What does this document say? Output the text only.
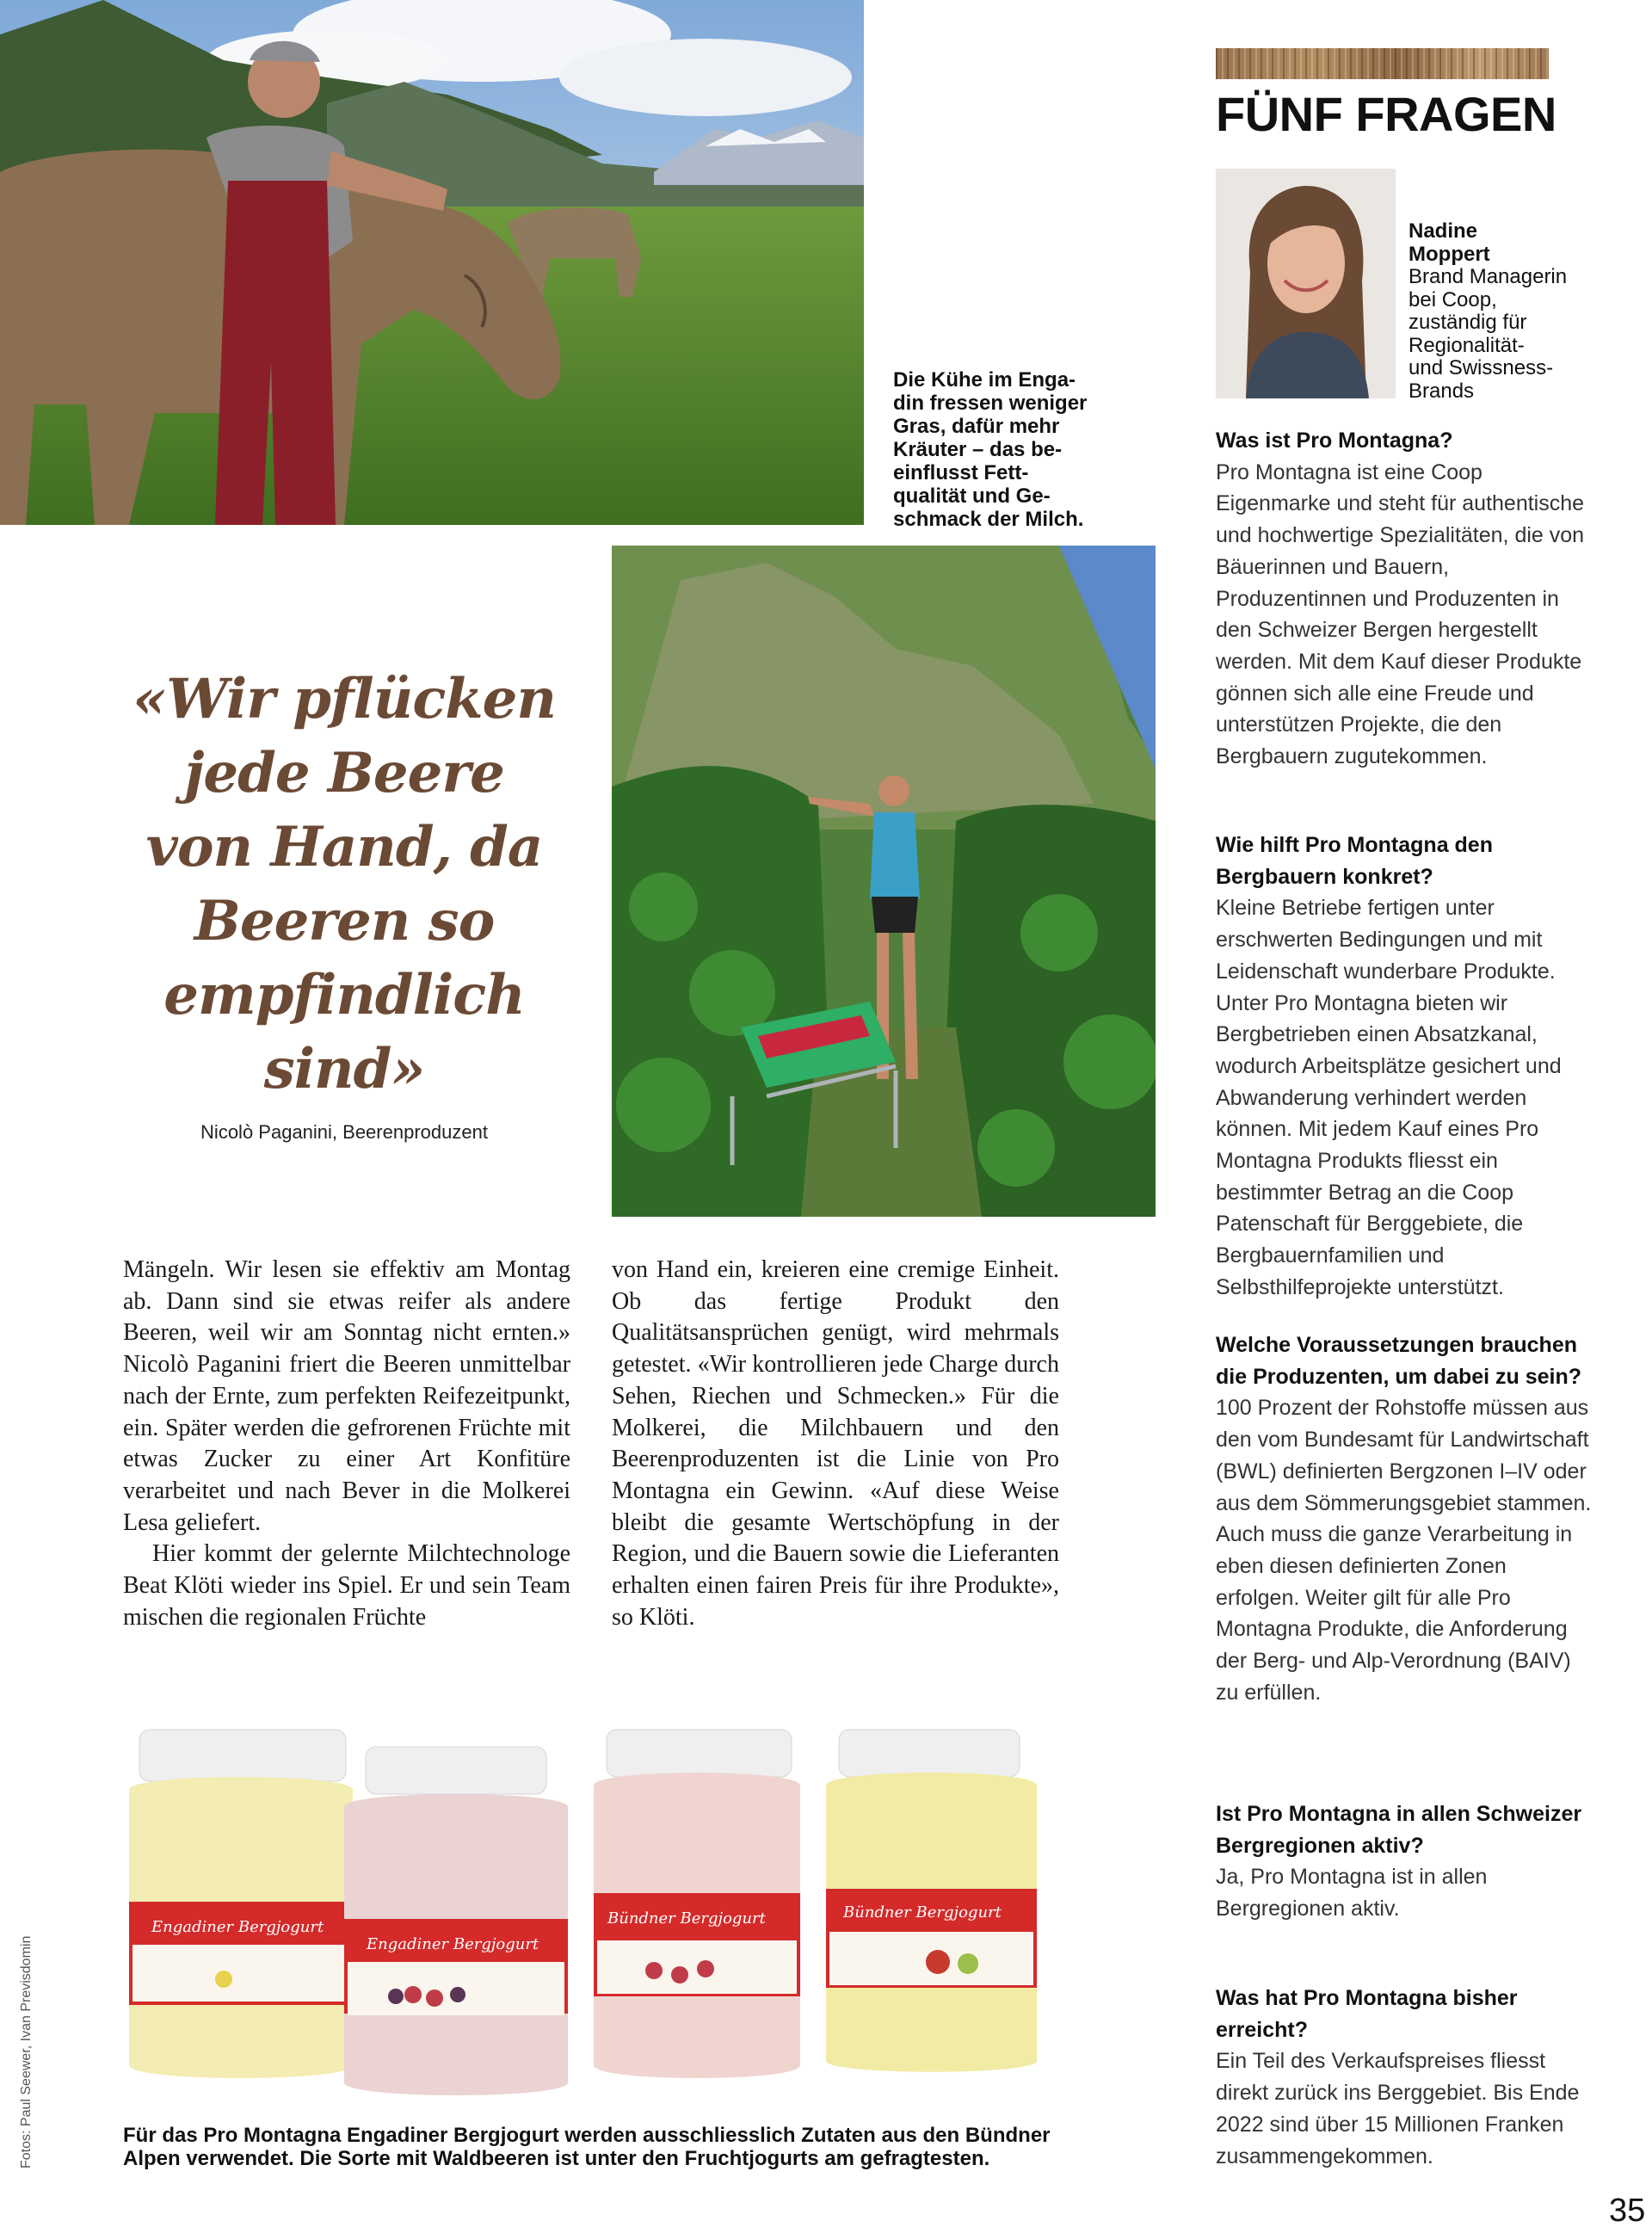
Die Kühe im Enga-
din fressen weniger
Gras, dafür mehr
Kräuter – das be-
einflusst Fett-
qualität und Ge-
schmack der Milch.
«Wir pflücken
jede Beere
von Hand, da
Beeren so
empfindlich
sind»
Nicolò Paganini, Beerenproduzent

Mängeln. Wir lesen sie effektiv am Montag ab. Dann sind sie etwas reifer als andere Beeren, weil wir am Sonntag nicht ernten.» Nicolò Paganini friert die Beeren unmittelbar nach der Ernte, zum perfekten Reifezeitpunkt, ein. Später werden die gefrorenen Früchte mit etwas Zucker zu einer Art Konfitüre verarbeitet und nach Bever in die Molkerei Lesa geliefert.

Hier kommt der gelernte Milchtechnologe Beat Klöti wieder ins Spiel. Er und sein Team mischen die regionalen Früchte

von Hand ein, kreieren eine cremige Einheit. Ob das fertige Produkt den Qualitätsansprüchen genügt, wird mehrmals getestet. «Wir kontrollieren jede Charge durch Sehen, Riechen und Schmecken.» Für die Molkerei, die Milchbauern und den Beerenproduzenten ist die Linie von Pro Montagna ein Gewinn. «Auf diese Weise bleibt die gesamte Wertschöpfung in der Region, und die Bauern sowie die Lieferanten erhalten einen fairen Preis für ihre Produkte», so Klöti.

Engadiner Bergjogurt
Engadiner Bergjogurt
Bündner Bergjogurt	Bündner Bergjogurt
Für das Pro Montagna Engadiner Bergjogurt werden ausschliesslich Zutaten aus den Bündner
Alpen verwendet. Die Sorte mit Waldbeeren ist unter den Fruchtjogurts am gefragtesten.
FÜNF FRAGEN
Nadine
Moppert
Brand Managerin
bei Coop,
zuständig für
Regionalität-
und Swissness-
Brands
Was ist Pro Montagna?
Pro Montagna ist eine Coop Eigenmarke und steht für authentische und hochwertige Spezialitäten, die von Bäuerinnen und Bauern, Produzentinnen und Produzenten in den Schweizer Bergen hergestellt werden. Mit dem Kauf dieser Produkte gönnen sich alle eine Freude und unterstützen Projekte, die den Bergbauern zugutekommen.
Wie hilft Pro Montagna den Bergbauern konkret?
Kleine Betriebe fertigen unter erschwerten Bedingungen und mit Leidenschaft wunderbare Produkte. Unter Pro Montagna bieten wir Bergbetrieben einen Absatzkanal, wodurch Arbeitsplätze gesichert und Abwanderung verhindert werden können. Mit jedem Kauf eines Pro Montagna Produkts fliesst ein bestimmter Betrag an die Coop Patenschaft für Berggebiete, die Bergbauernfamilien und Selbsthilfeprojekte unterstützt.
Welche Voraussetzungen brauchen die Produzenten, um dabei zu sein?
100 Prozent der Rohstoffe müssen aus den vom Bundesamt für Landwirtschaft (BWL) definierten Bergzonen I–IV oder aus dem Sömmerungsgebiet stammen. Auch muss die ganze Verarbeitung in eben diesen definierten Zonen erfolgen. Weiter gilt für alle Pro Montagna Produkte, die Anforderung der Berg- und Alp-Verordnung (BAIV) zu erfüllen.
Ist Pro Montagna in allen Schweizer Bergregionen aktiv?
Ja, Pro Montagna ist in allen Bergregionen aktiv.
Was hat Pro Montagna bisher erreicht?
Ein Teil des Verkaufspreises fliesst direkt zurück ins Berggebiet. Bis Ende 2022 sind über 15 Millionen Franken zusammengekommen.
Fotos: Paul Seewer, Ivan Previsdomin
35
